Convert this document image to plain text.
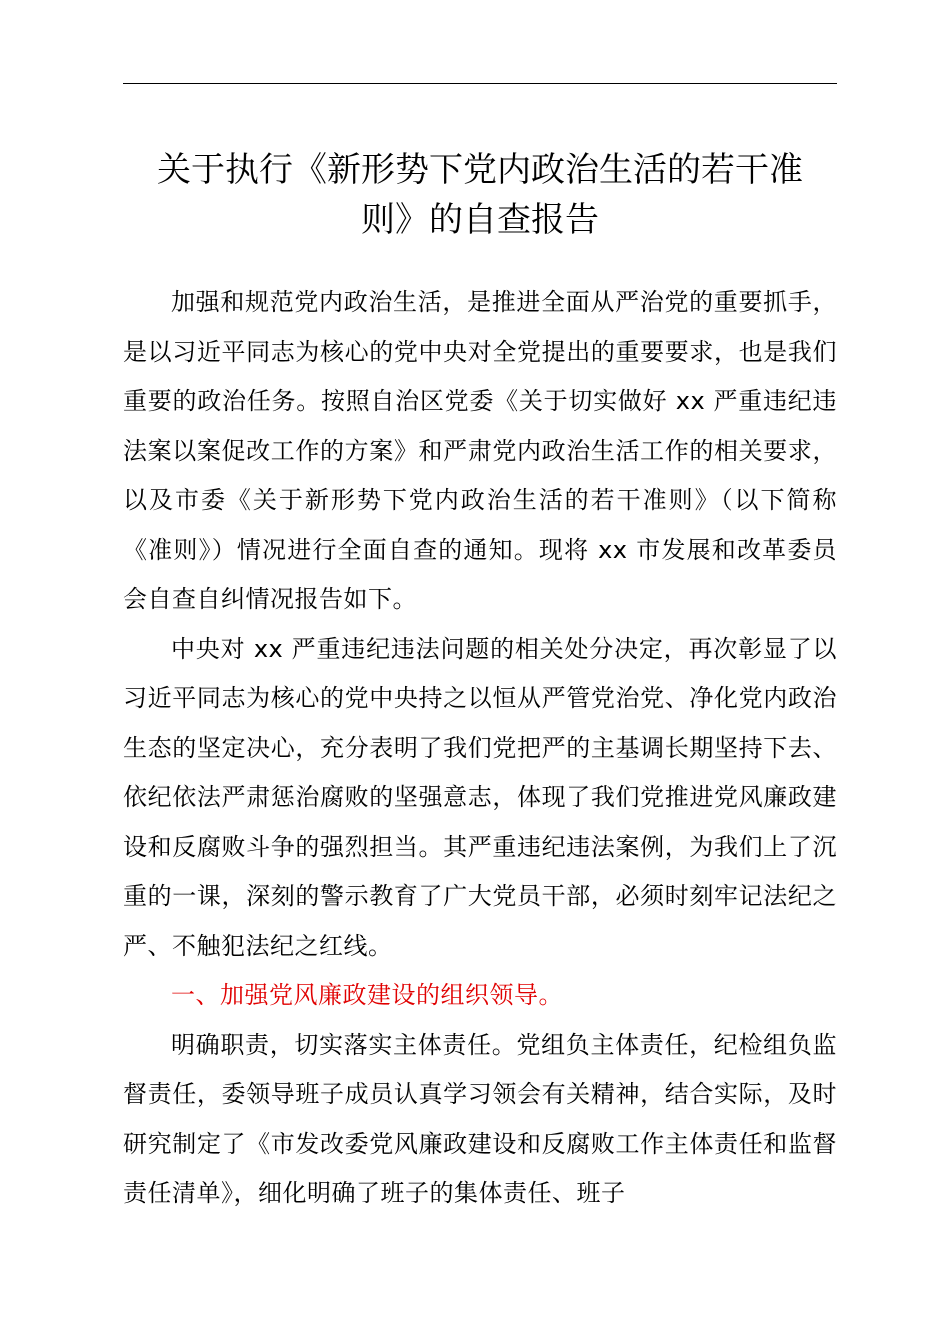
关于执行《新形势下党内政治生活的若干准
则》的自查报告

加强和规范党内政治生活，是推进全面从严治党的重要抓手，是以习近平同志为核心的党中央对全党提出的重要要求，也是我们重要的政治任务。按照自治区党委《关于切实做好 xx 严重违纪违法案以案促改工作的方案》和严肃党内政治生活工作的相关要求，以及市委《关于新形势下党内政治生活的若干准则》（以下简称《准则》）情况进行全面自查的通知。现将 xx 市发展和改革委员会自查自纠情况报告如下。

中央对 xx 严重违纪违法问题的相关处分决定，再次彰显了以习近平同志为核心的党中央持之以恒从严管党治党、净化党内政治生态的坚定决心，充分表明了我们党把严的主基调长期坚持下去、依纪依法严肃惩治腐败的坚强意志，体现了我们党推进党风廉政建设和反腐败斗争的强烈担当。其严重违纪违法案例，为我们上了沉重的一课，深刻的警示教育了广大党员干部，必须时刻牢记法纪之严、不触犯法纪之红线。

一、加强党风廉政建设的组织领导。

明确职责，切实落实主体责任。党组负主体责任，纪检组负监督责任，委领导班子成员认真学习领会有关精神，结合实际，及时研究制定了《市发改委党风廉政建设和反腐败工作主体责任和监督责任清单》，细化明确了班子的集体责任、班子
